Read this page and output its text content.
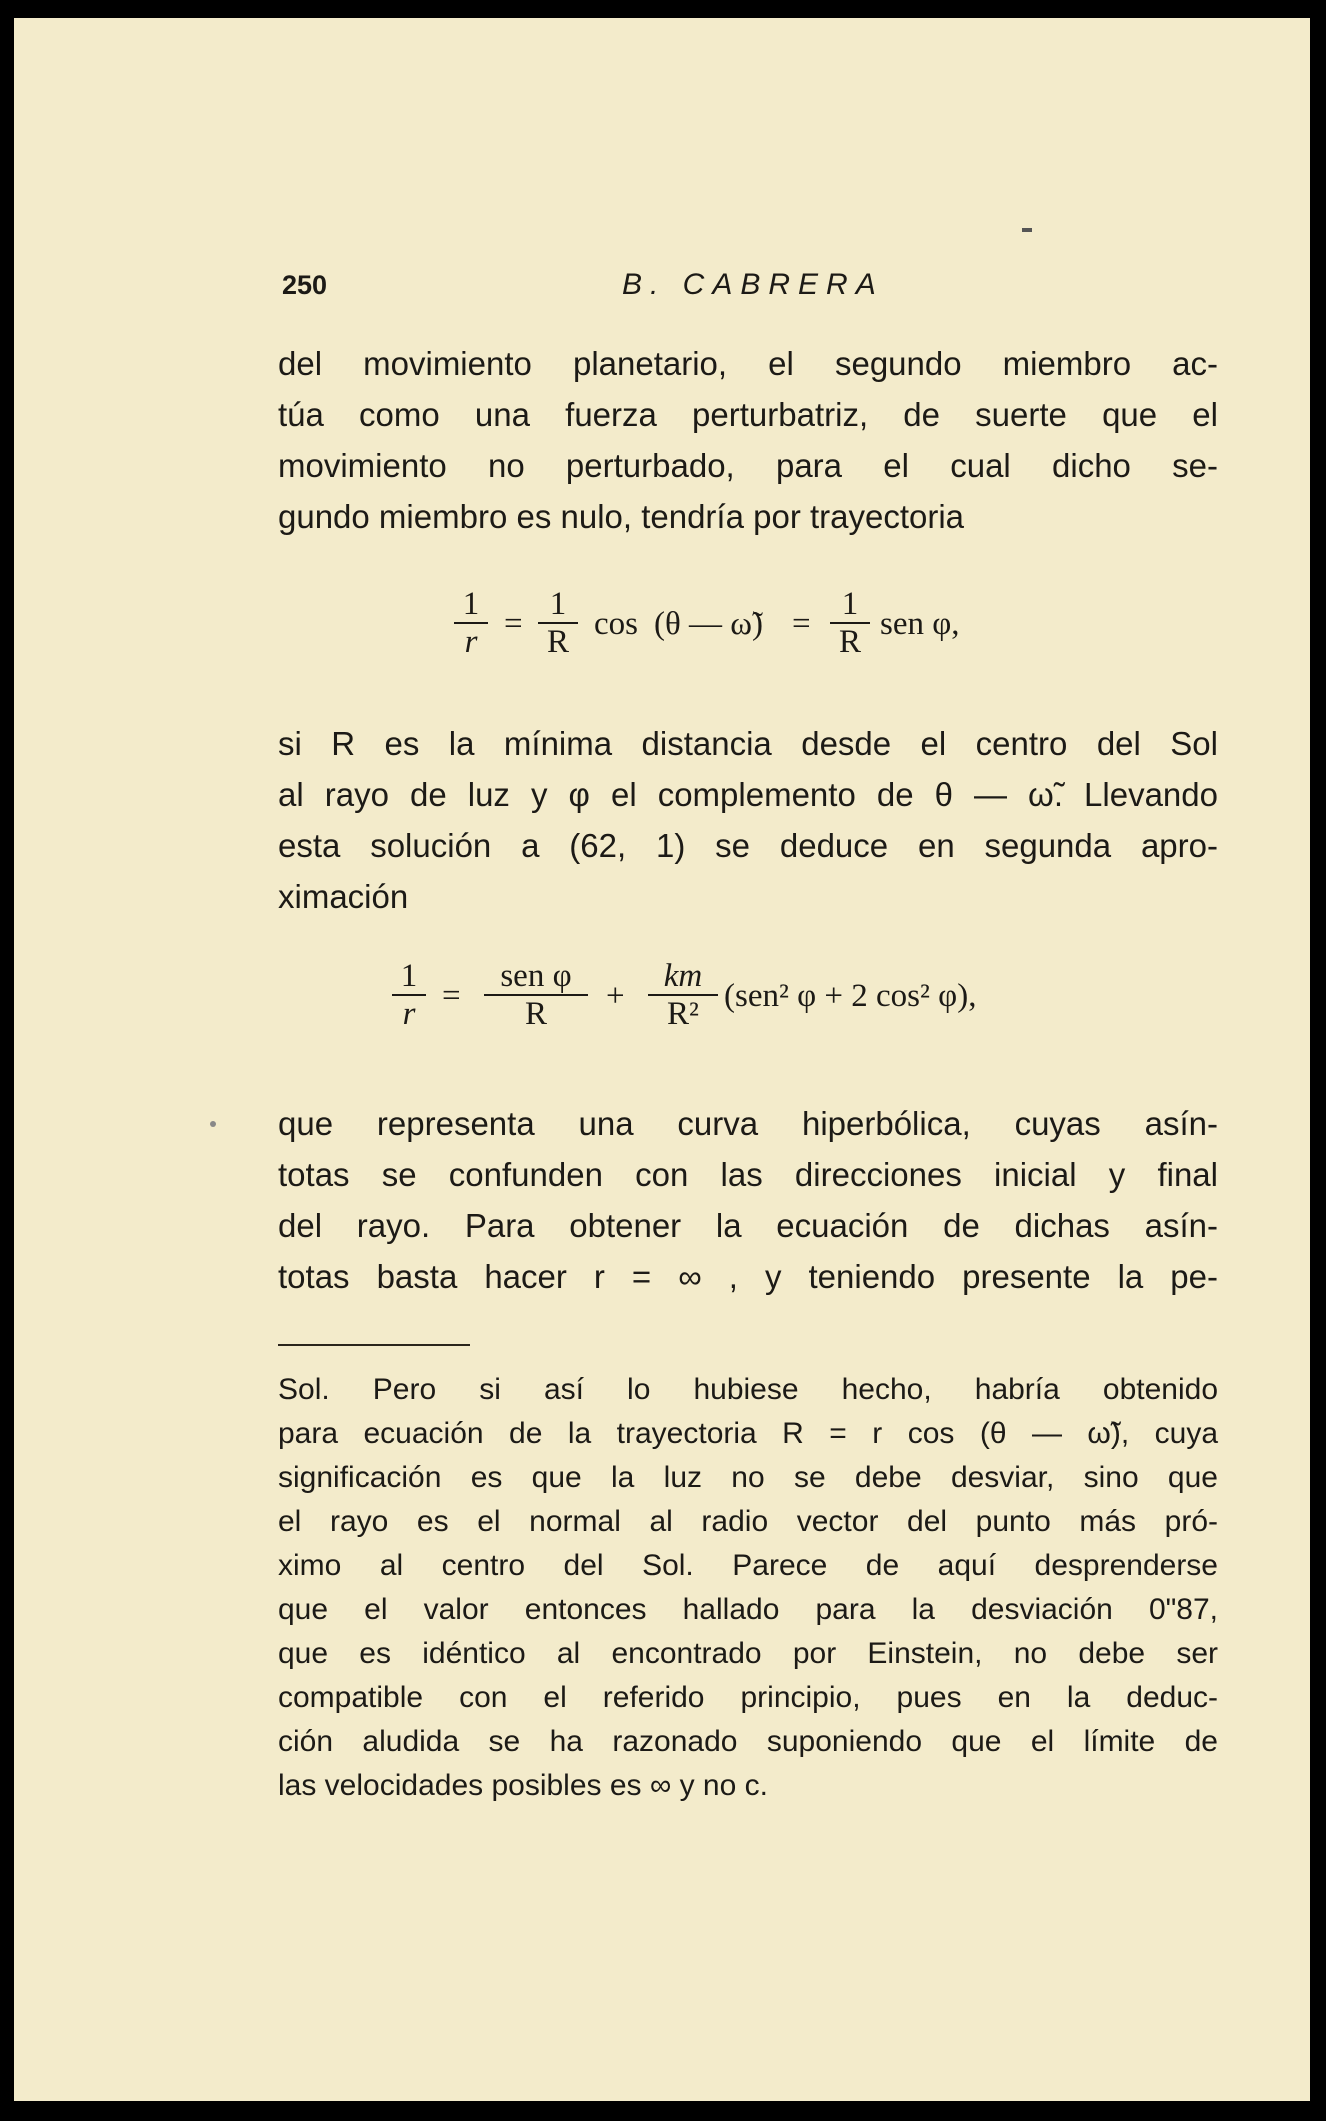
250	B. CABRERA

del movimiento planetario, el segundo miembro ac-
túa como una fuerza perturbatriz, de suerte que el
movimiento no perturbado, para el cual dicho se-
gundo miembro es nulo, tendría por trayectoria

$\frac{1}{r} = \frac{1}{R}$ cos (θ — ω̃) = $\frac{1}{R}$ sen φ,

si R es la mínima distancia desde el centro del Sol
al rayo de luz y φ el complemento de θ — ω̃. Llevando
esta solución a (62, 1) se deduce en segunda apro-
ximación

$\frac{1}{r}$ =
sen φ
R	+ $\frac{km}{\text{R²}} (sen^2$ φ + 2 cos² φ),

que representa una curva hiperbólica, cuyas asín-
totas se confunden con las direcciones inicial y final
del rayo. Para obtener la ecuación de dichas asín-
totas basta hacer r = ∞ , y teniendo presente la pe-

Sol. Pero si así lo hubiese hecho, habría obtenido
para ecuación de la trayectoria R = r cos (θ — ω̃), cuya
significación es que la luz no se debe desviar, sino que
el rayo es el normal al radio vector del punto más pró-
ximo al centro del Sol. Parece de aquí desprenderse
que el valor entonces hallado para la desviación 0"87,
que es idéntico al encontrado por Einstein, no debe ser
compatible con el referido principio, pues en la deduc-
ción aludida se ha razonado suponiendo que el límite de
las velocidades posibles es ∞ y no c.
